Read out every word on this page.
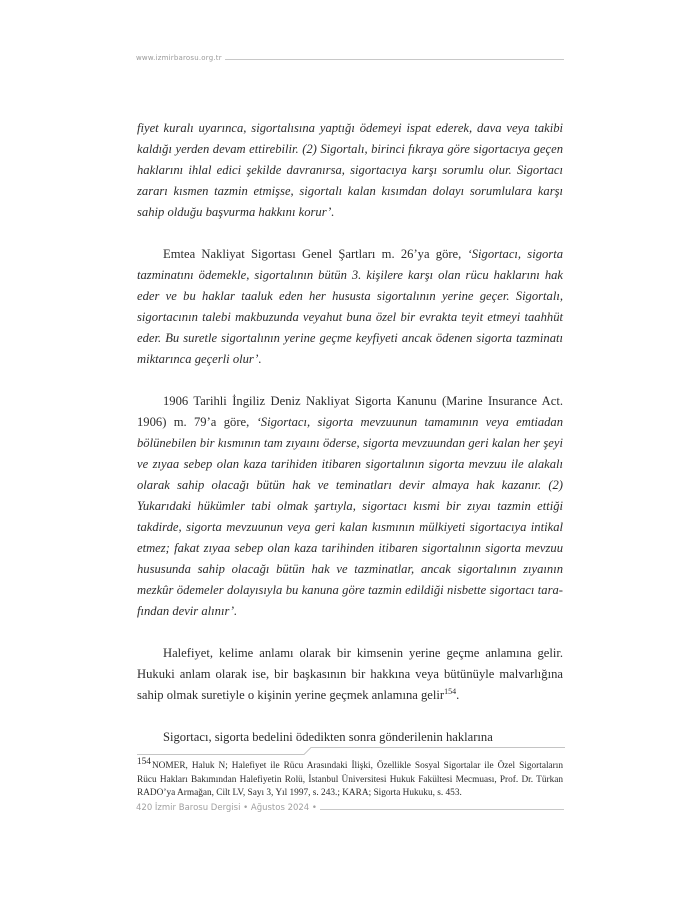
www.izmirbarosu.org.tr

fiyet kuralı uyarınca, sigortalısına yaptığı ödemeyi ispat ederek, dava veya takibi kaldığı yerden devam ettirebilir. (2) Sigortalı, birinci fıkraya göre sigortacıya geçen haklarını ihlal edici şekilde davranırsa, sigortacıya karşı sorumlu olur. Sigortacı zararı kısmen tazmin etmişse, sigortalı kalan kısımdan dolayı sorumlulara karşı sahip olduğu başvurma hakkını korur’.

Emtea Nakliyat Sigortası Genel Şartları m. 26’ya göre, ‘Sigortacı, sigorta tazminatını ödemekle, sigortalının bütün 3. kişilere karşı olan rücu haklarını hak eder ve bu haklar taaluk eden her hususta sigortalının yerine geçer. Sigortalı, sigortacının talebi makbuzunda veyahut buna özel bir evrakta teyit etmeyi taahhüt eder. Bu suretle sigortalının yerine geçme keyfiyeti ancak ödenen sigorta tazminatı miktarınca geçerli olur’.

1906 Tarihli İngiliz Deniz Nakliyat Sigorta Kanunu (Marine Insurance Act. 1906) m. 79’a göre, ‘Sigortacı, sigorta mevzuunun tamamının veya emtiadan bölünebilen bir kısmının tam zıyaını öderse, sigorta mevzuundan geri kalan her şeyi ve zıyaa sebep olan kaza tarihiden itibaren sigortalının sigorta mevzuu ile alakalı olarak sahip olacağı bütün hak ve teminatları devir almaya hak kazanır. (2) Yukarıdaki hükümler tabi olmak şartıyla, sigortacı kısmi bir zıyaı tazmin ettiği takdirde, sigorta mevzuunun veya geri kalan kısmının mülkiyeti sigortacıya intikal etmez; fakat zıyaa sebep olan kaza tarihinden itibaren sigortalının sigorta mevzuu hususunda sahip olacağı bütün hak ve tazminatlar, ancak sigortalının zıyaının mezkûr ödemeler dolayısıyla bu kanuna göre tazmin edildiği nisbette sigortacı tarafından devir alınır’.

Halefiyet, kelime anlamı olarak bir kimsenin yerine geçme anlamına gelir. Hukuki anlam olarak ise, bir başkasının bir hakkına veya bütünüyle malvarlığına sahip olmak suretiyle o kişinin yerine geçmek anlamına gelir$^{154}$.

Sigortacı, sigorta bedelini ödedikten sonra gönderilenin haklarına

$^{154}$NOMER, Haluk N; Halefiyet ile Rücu Arasındaki İlişki, Özellikle Sosyal Sigortalar ile Özel Sigortaların Rücu Hakları Bakımından Halefiyetin Rolü, İstanbul Üniversitesi Hukuk Fakültesi Mecmuası, Prof. Dr. Türkan RADO’ya Armağan, Cilt LV, Sayı 3, Yıl 1997, s. 243.; KARA; Sigorta Hukuku, s. 453.
420 İzmir Barosu Dergisi • Ağustos 2024 •
